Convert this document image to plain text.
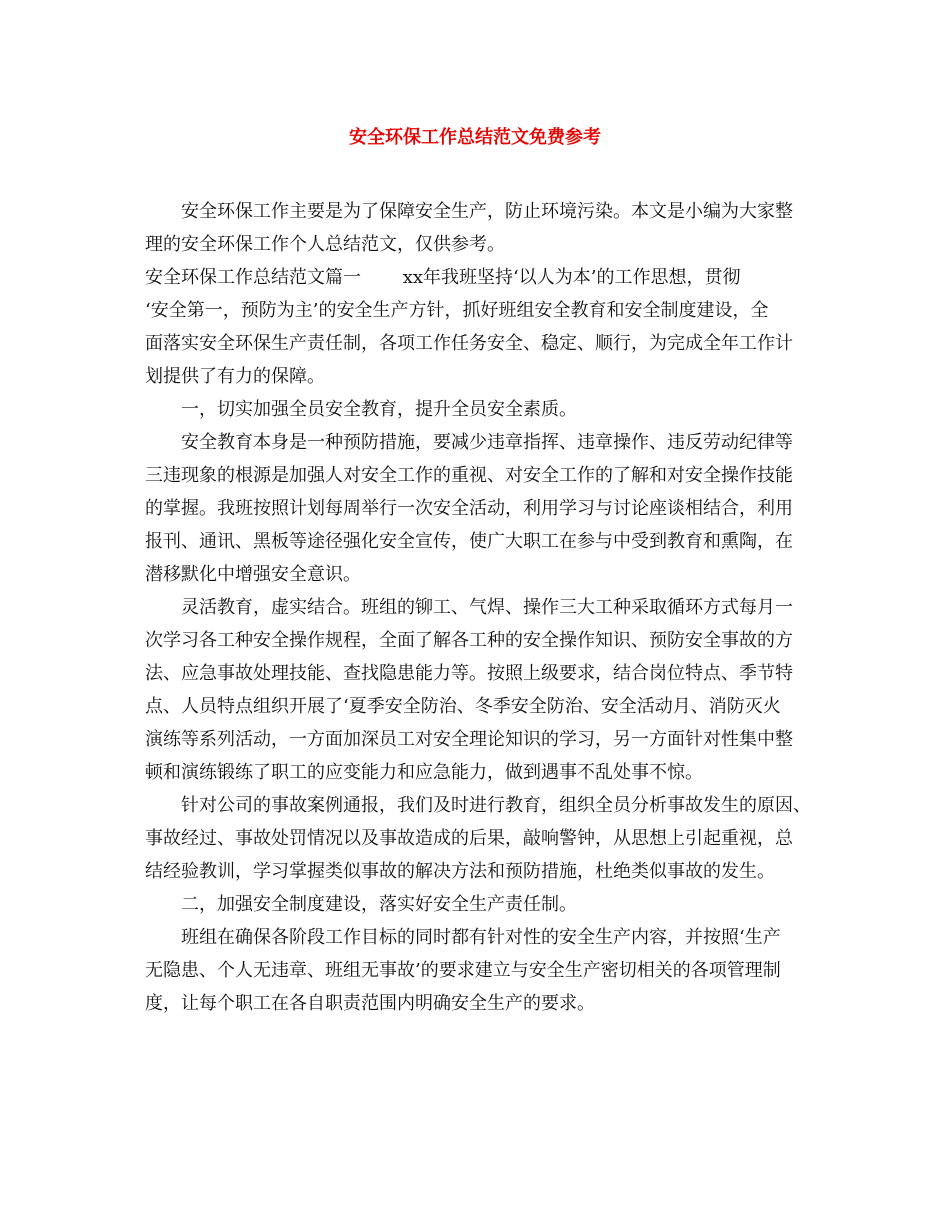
安全环保工作总结范文免费参考
安全环保工作主要是为了保障安全生产，防止环境污染。本文是小编为大家整
理的安全环保工作个人总结范文，仅供参考。
安全环保工作总结范文篇一　　 xx年我班坚持‘以人为本’的工作思想，贯彻
‘安全第一，预防为主’的安全生产方针，抓好班组安全教育和安全制度建设，全
面落实安全环保生产责任制，各项工作任务安全、稳定、顺行，为完成全年工作计
划提供了有力的保障。
一，切实加强全员安全教育，提升全员安全素质。
安全教育本身是一种预防措施，要减少违章指挥、违章操作、违反劳动纪律等
三违现象的根源是加强人对安全工作的重视、对安全工作的了解和对安全操作技能
的掌握。我班按照计划每周举行一次安全活动，利用学习与讨论座谈相结合，利用
报刊、通讯、黑板等途径强化安全宣传，使广大职工在参与中受到教育和熏陶，在
潜移默化中增强安全意识。
灵活教育，虚实结合。班组的铆工、气焊、操作三大工种采取循环方式每月一
次学习各工种安全操作规程，全面了解各工种的安全操作知识、预防安全事故的方
法、应急事故处理技能、查找隐患能力等。按照上级要求，结合岗位特点、季节特
点、人员特点组织开展了‘夏季安全防治、冬季安全防治、安全活动月、消防灭火
演练等系列活动，一方面加深员工对安全理论知识的学习，另一方面针对性集中整
顿和演练锻练了职工的应变能力和应急能力，做到遇事不乱处事不惊。
针对公司的事故案例通报，我们及时进行教育，组织全员分析事故发生的原因、
事故经过、事故处罚情况以及事故造成的后果，敲响警钟，从思想上引起重视，总
结经验教训，学习掌握类似事故的解决方法和预防措施，杜绝类似事故的发生。
二，加强安全制度建设，落实好安全生产责任制。
班组在确保各阶段工作目标的同时都有针对性的安全生产内容，并按照‘生产
无隐患、个人无违章、班组无事故’的要求建立与安全生产密切相关的各项管理制
度，让每个职工在各自职责范围内明确安全生产的要求。
